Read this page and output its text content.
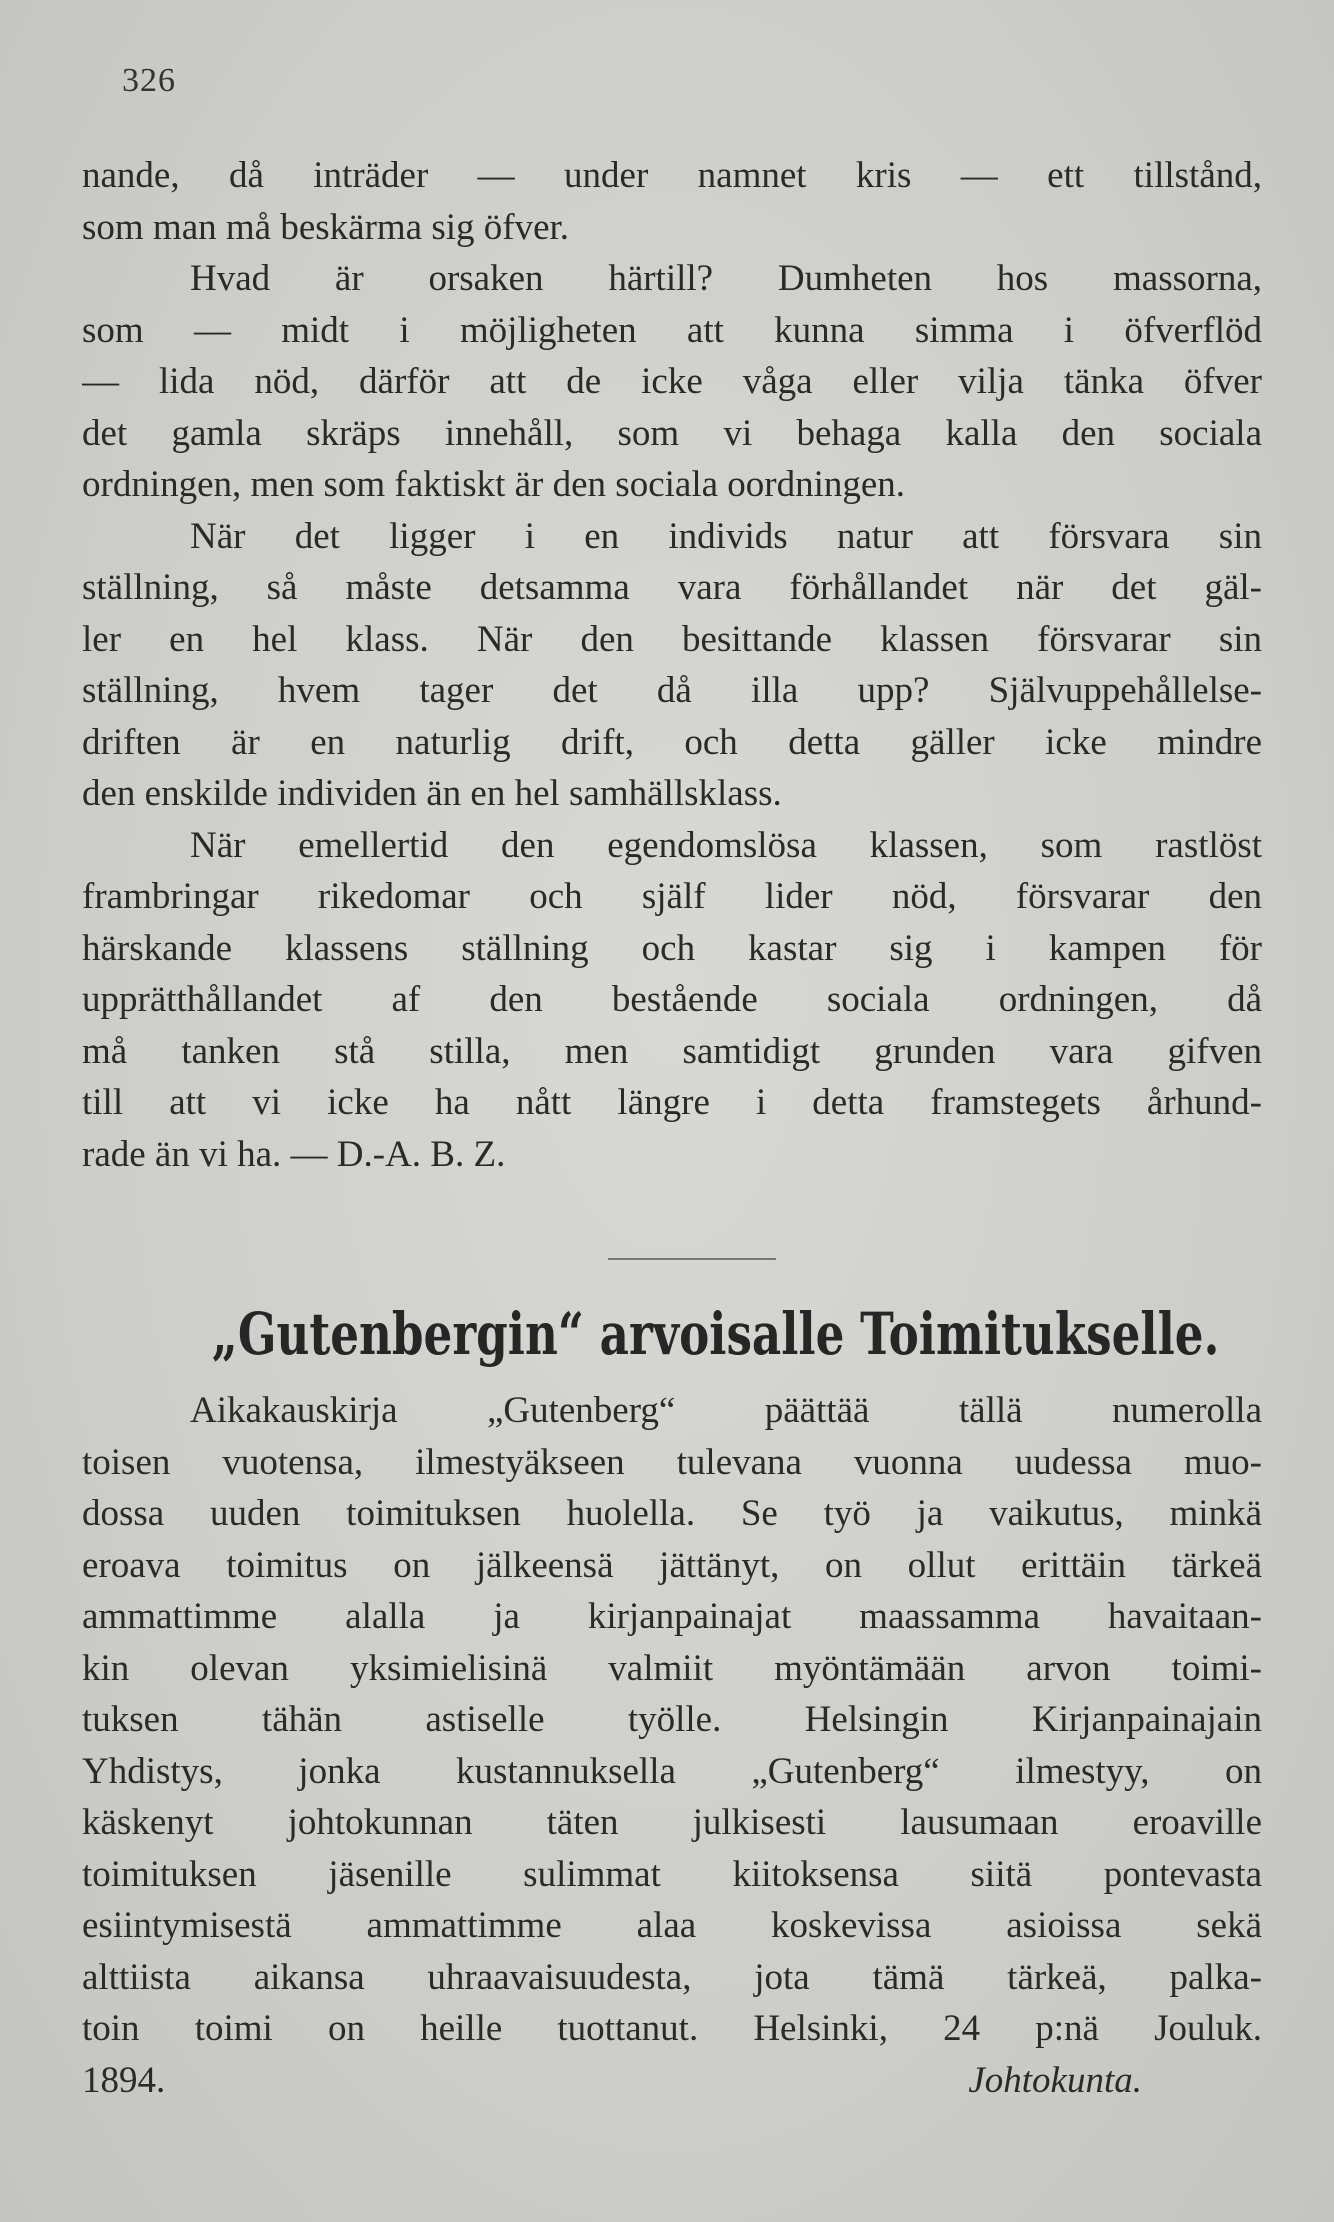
326
nande, då inträder — under namnet kris — ett tillstånd,
som man må beskärma sig öfver.
Hvad är orsaken härtill? Dumheten hos massorna,
som — midt i möjligheten att kunna simma i öfverflöd
— lida nöd, därför att de icke våga eller vilja tänka öfver
det gamla skräps innehåll, som vi behaga kalla den sociala
ordningen, men som faktiskt är den sociala oordningen.
När det ligger i en individs natur att försvara sin
ställning, så måste detsamma vara förhållandet när det gäl-
ler en hel klass. När den besittande klassen försvarar sin
ställning, hvem tager det då illa upp? Självuppehållelse-
driften är en naturlig drift, och detta gäller icke mindre
den enskilde individen än en hel samhällsklass.
När emellertid den egendomslösa klassen, som rastlöst
frambringar rikedomar och själf lider nöd, försvarar den
härskande klassens ställning och kastar sig i kampen för
upprätthållandet af den bestående sociala ordningen, då
må tanken stå stilla, men samtidigt grunden vara gifven
till att vi icke ha nått längre i detta framstegets århund-
rade än vi ha. — D.-A. B. Z.
„Gutenbergin“ arvoisalle Toimitukselle.
Aikakauskirja „Gutenberg“ päättää tällä numerolla
toisen vuotensa, ilmestyäkseen tulevana vuonna uudessa muo-
dossa uuden toimituksen huolella. Se työ ja vaikutus, minkä
eroava toimitus on jälkeensä jättänyt, on ollut erittäin tärkeä
ammattimme alalla ja kirjanpainajat maassamma havaitaan-
kin olevan yksimielisinä valmiit myöntämään arvon toimi-
tuksen tähän astiselle työlle. Helsingin Kirjanpainajain
Yhdistys, jonka kustannuksella „Gutenberg“ ilmestyy, on
käskenyt johtokunnan täten julkisesti lausumaan eroaville
toimituksen jäsenille sulimmat kiitoksensa siitä pontevasta
esiintymisestä ammattimme alaa koskevissa asioissa sekä
alttiista aikansa uhraavaisuudesta, jota tämä tärkeä, palka-
toin toimi on heille tuottanut. Helsinki, 24 p:nä Jouluk.
1894.	Johtokunta.
